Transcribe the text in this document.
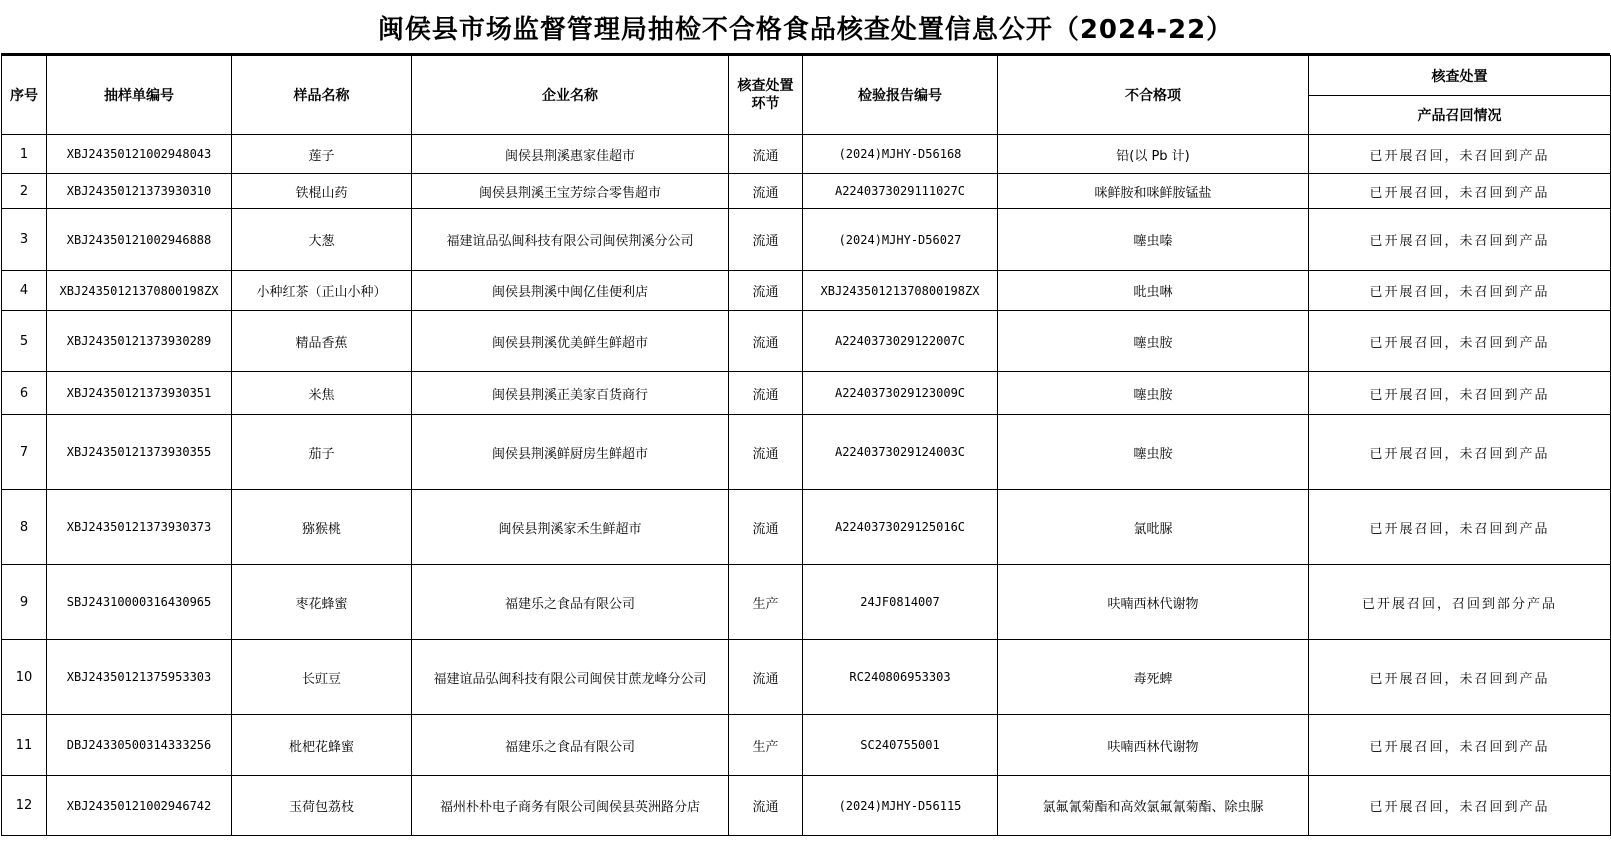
闽侯县市场监督管理局抽检不合格食品核查处置信息公开（2024-22）
序号	抽样单编号	样品名称	企业名称	核查处置环节	检验报告编号	不合格项	核查处置
							产品召回情况
1	XBJ24350121002948043	莲子	闽侯县荆溪惠家佳超市	流通	(2024)MJHY-D56168	铅(以 Pb 计)	已开展召回，未召回到产品
2	XBJ24350121373930310	铁棍山药	闽侯县荆溪王宝芳综合零售超市	流通	A2240373029111027C	咪鲜胺和咪鲜胺锰盐	已开展召回，未召回到产品
3	XBJ24350121002946888	大葱	福建谊品弘闽科技有限公司闽侯荆溪分公司	流通	(2024)MJHY-D56027	噻虫嗪	已开展召回，未召回到产品
4	XBJ24350121370800198ZX	小种红茶（正山小种）	闽侯县荆溪中闽亿佳便利店	流通	XBJ24350121370800198ZX	吡虫啉	已开展召回，未召回到产品
5	XBJ24350121373930289	精品香蕉	闽侯县荆溪优美鲜生鲜超市	流通	A2240373029122007C	噻虫胺	已开展召回，未召回到产品
6	XBJ24350121373930351	米焦	闽侯县荆溪正美家百货商行	流通	A2240373029123009C	噻虫胺	已开展召回，未召回到产品
7	XBJ24350121373930355	茄子	闽侯县荆溪鲜厨房生鲜超市	流通	A2240373029124003C	噻虫胺	已开展召回，未召回到产品
8	XBJ24350121373930373	猕猴桃	闽侯县荆溪家禾生鲜超市	流通	A2240373029125016C	氯吡脲	已开展召回，未召回到产品
9	SBJ24310000316430965	枣花蜂蜜	福建乐之食品有限公司	生产	24JF0814007	呋喃西林代谢物	已开展召回，召回到部分产品
10	XBJ24350121375953303	长豇豆	福建谊品弘闽科技有限公司闽侯甘蔗龙峰分公司	流通	RC240806953303	毒死蜱	已开展召回，未召回到产品
11	DBJ24330500314333256	枇杷花蜂蜜	福建乐之食品有限公司	生产	SC240755001	呋喃西林代谢物	已开展召回，未召回到产品
12	XBJ24350121002946742	玉荷包荔枝	福州朴朴电子商务有限公司闽侯县英洲路分店	流通	(2024)MJHY-D56115	氯氟氰菊酯和高效氯氟氰菊酯、除虫脲	已开展召回，未召回到产品
